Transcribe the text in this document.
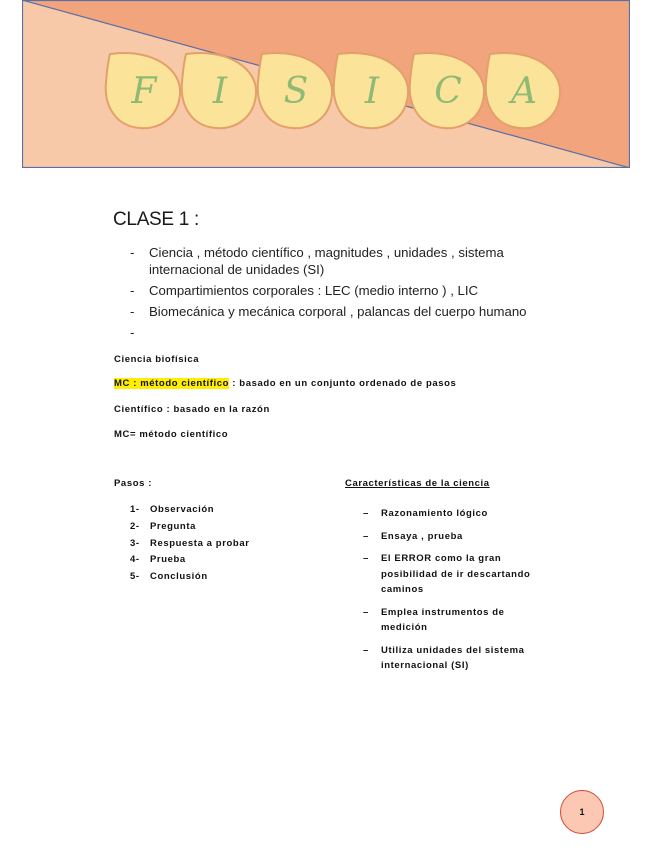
F I S I C A
CLASE 1 :
- Ciencia , método científico , magnitudes , unidades , sistema internacional de unidades (SI)
- Compartimientos corporales : LEC (medio interno ) , LIC
- Biomecánica y mecánica corporal , palancas del cuerpo humano
-
Ciencia biofísica
MC : método científico : basado en un conjunto ordenado de pasos
Científico : basado en la razón
MC= método científico
Pasos :
1- Observación
2- Pregunta
3- Respuesta a probar
4- Prueba
5- Conclusión
Características de la ciencia
– Razonamiento lógico
– Ensaya , prueba
– El ERROR como la gran posibilidad de ir descartando caminos
– Emplea instrumentos de medición
– Utiliza unidades del sistema internacional (SI)
1
